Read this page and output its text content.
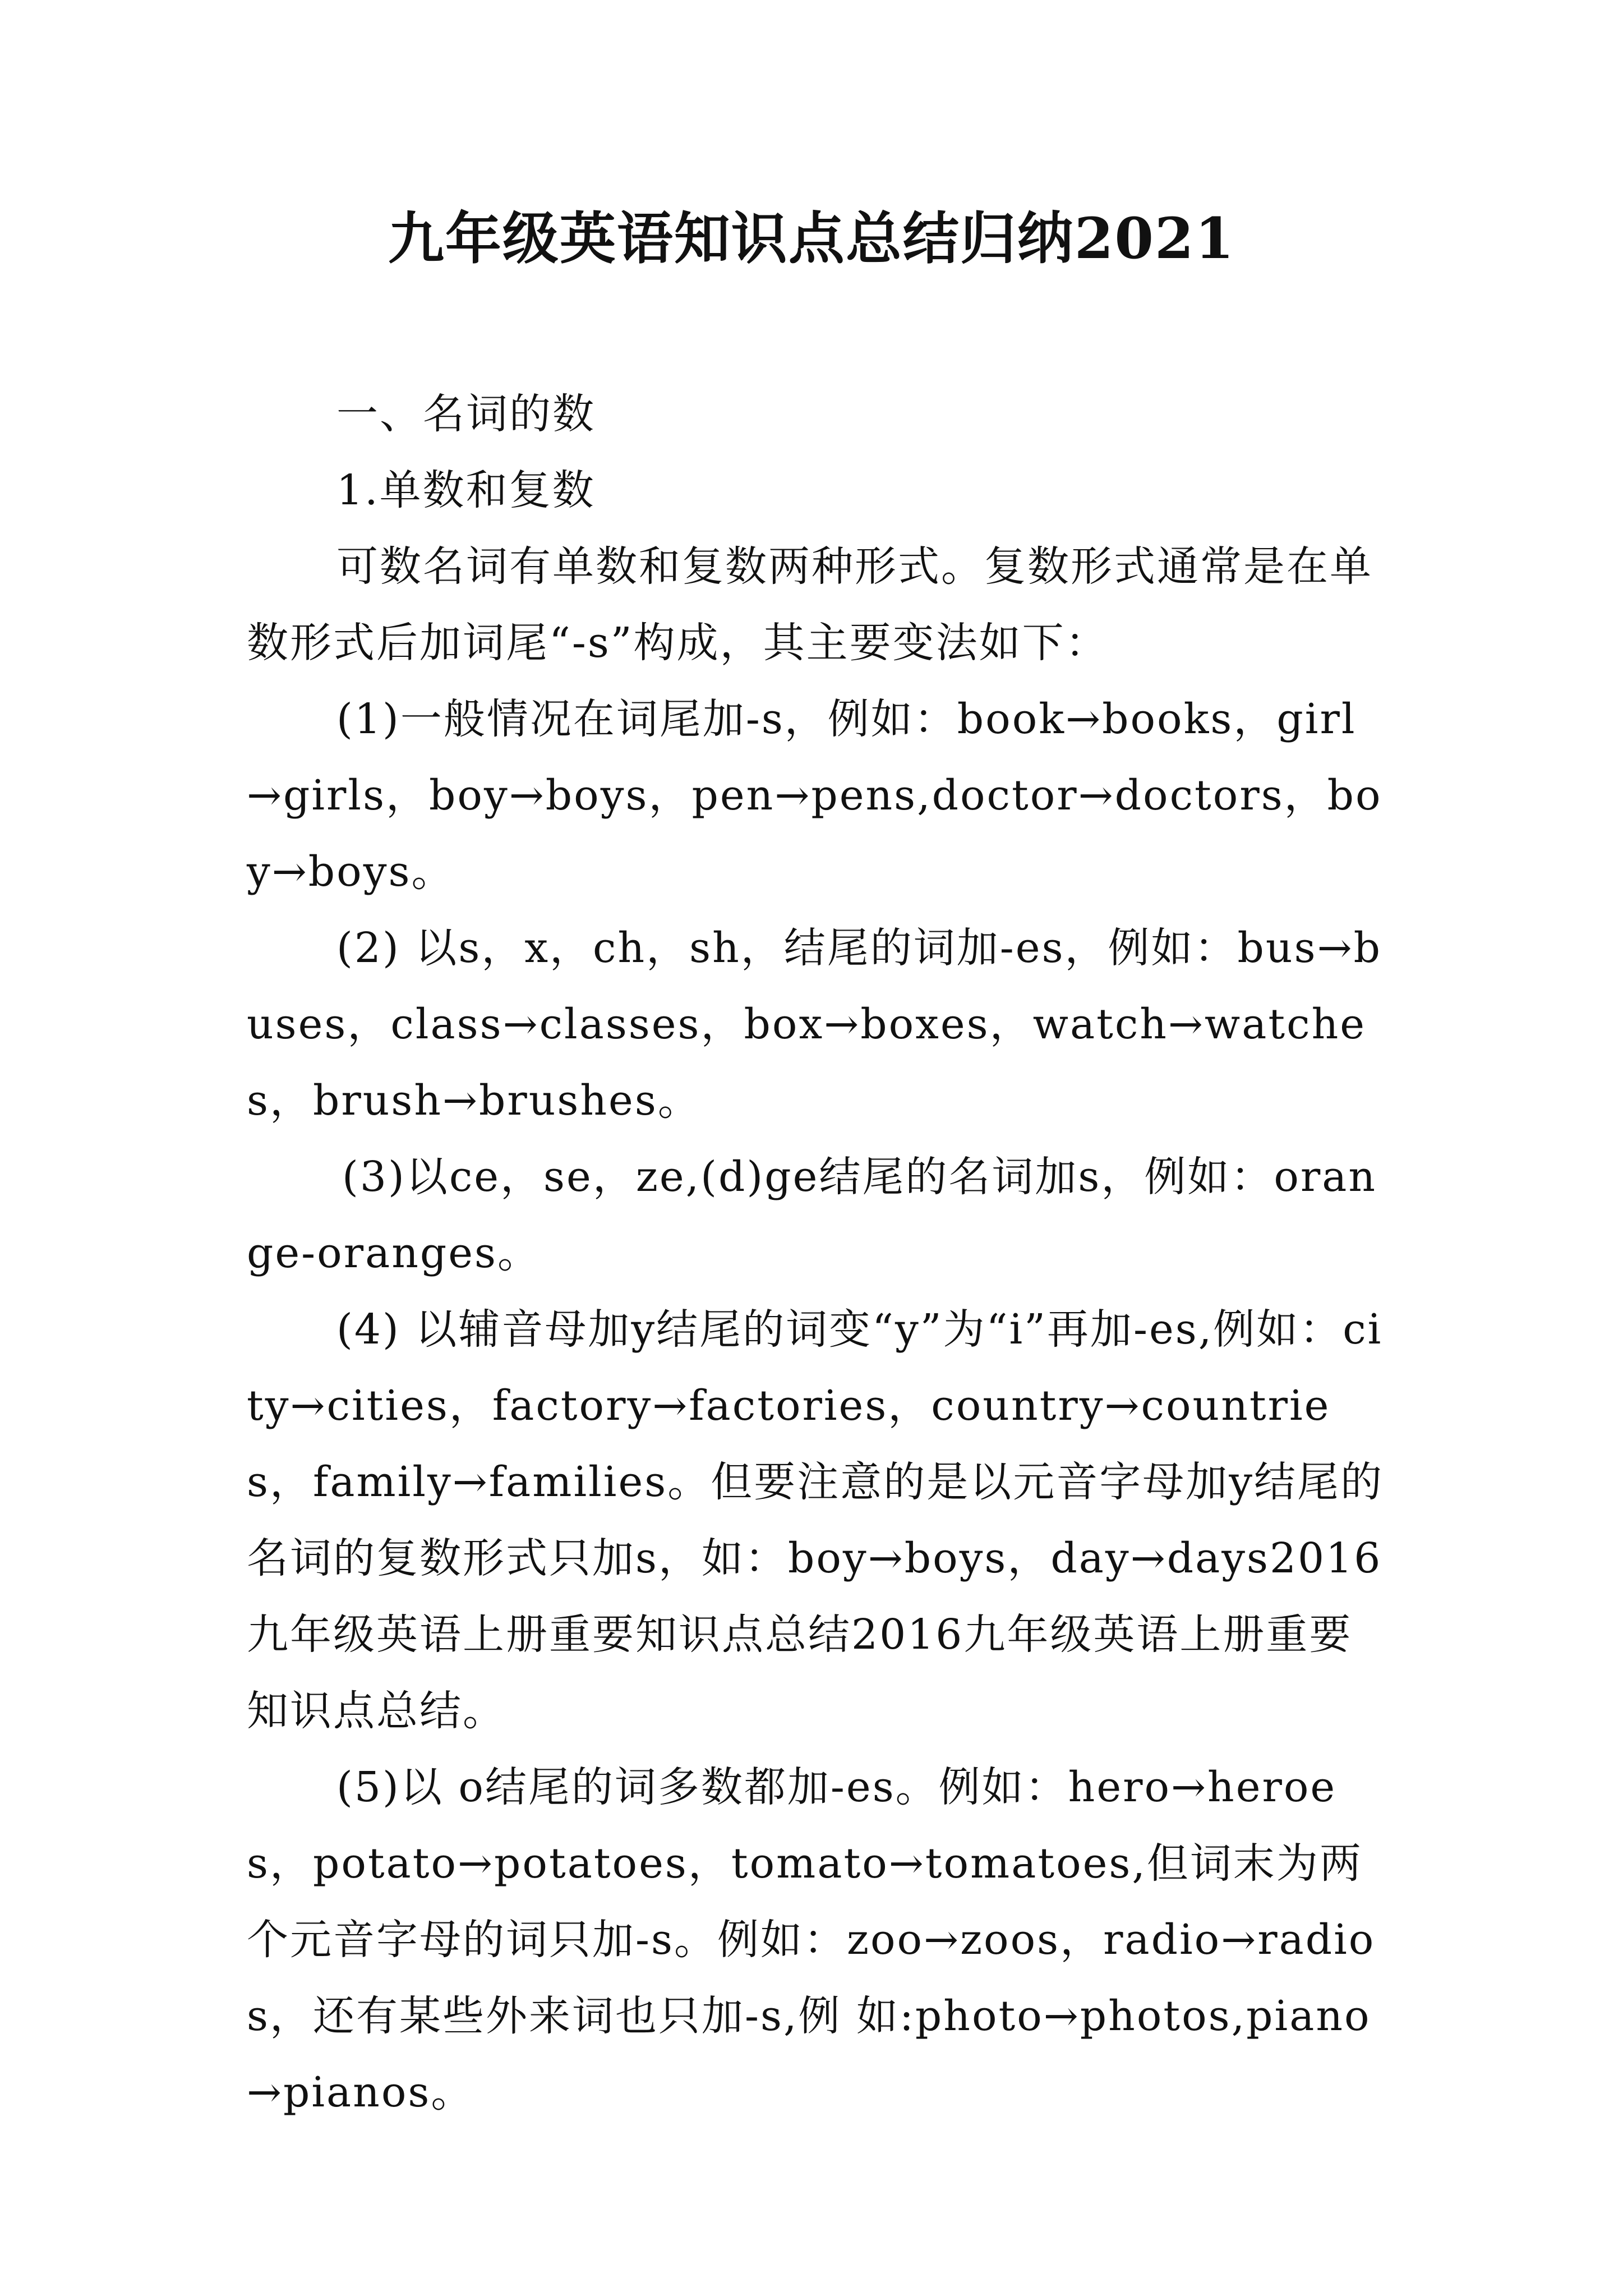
九年级英语知识点总结归纳2021

一、名词的数

1.单数和复数

可数名词有单数和复数两种形式。复数形式通常是在单数形式后加词尾“-s”构成，其主要变法如下：

(1)一般情况在词尾加-s，例如：book→books，girl→girls，boy→boys，pen→pens,doctor→doctors，boy→boys。

(2) 以s，x，ch，sh，结尾的词加-es，例如：bus→buses，class→classes，box→boxes，watch→watches，brush→brushes。

(3)以ce，se，ze,(d)ge结尾的名词加s，例如：orange-oranges。

(4) 以辅音母加y结尾的词变“y”为“i”再加-es,例如：city→cities，factory→factories，country→countries，family→families。但要注意的是以元音字母加y结尾的名词的复数形式只加s，如：boy→boys，day→days2016九年级英语上册重要知识点总结2016九年级英语上册重要知识点总结。

(5)以 o结尾的词多数都加-es。例如：hero→heroes，potato→potatoes，tomato→tomatoes,但词末为两个元音字母的词只加-s。例如：zoo→zoos，radio→radios，还有某些外来词也只加-s,例 如:photo→photos,piano→pianos。
